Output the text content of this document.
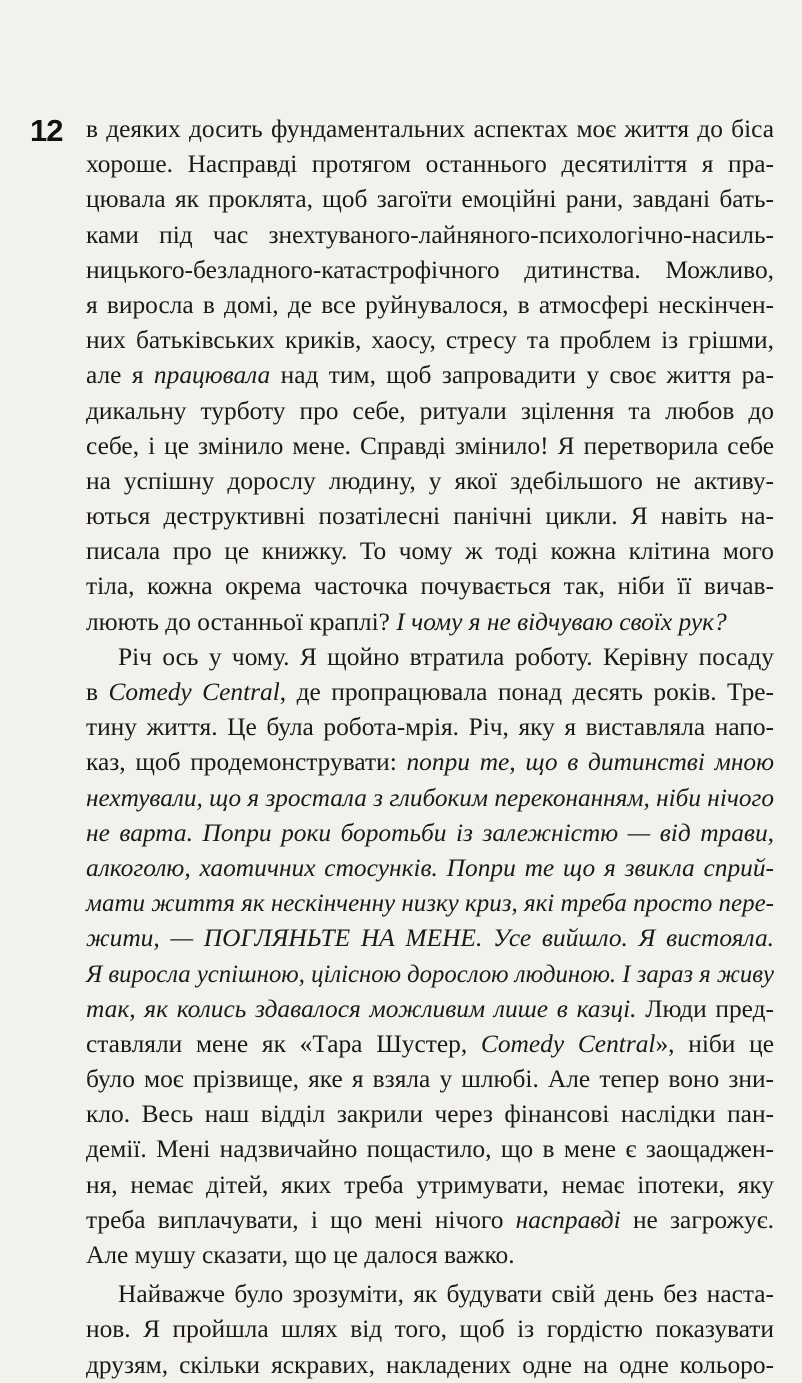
12 в деяких досить фундаментальних аспектах моє життя до біса
хороше. Насправді протягом останнього десятиліття я пра-
цювала як проклята, щоб загоїти емоційні рани, завдані бать-
ками під час знехтуваного-лайняного-психологічно-насиль-
ницького-безладного-катастрофічного дитинства. Можливо,
я виросла в домі, де все руйнувалося, в атмосфері нескінчен-
них батьківських криків, хаосу, стресу та проблем із грішми,
але я працювала над тим, щоб запровадити у своє життя ра-
дикальну турботу про себе, ритуали зцілення та любов до
себе, і це змінило мене. Справді змінило! Я перетворила себе
на успішну дорослу людину, у якої здебільшого не активу-
ються деструктивні позатілесні панічні цикли. Я навіть на-
писала про це книжку. То чому ж тоді кожна клітина мого
тіла, кожна окрема часточка почувається так, ніби її вичав-
люють до останньої краплі? І чому я не відчуваю своїх рук?
Річ ось у чому. Я щойно втратила роботу. Керівну посаду
в Comedy Central, де пропрацювала понад десять років. Тре-
тину життя. Це була робота-мрія. Річ, яку я виставляла напо-
каз, щоб продемонструвати: попри те, що в дитинстві мною
нехтували, що я зростала з глибоким переконанням, ніби нічого
не варта. Попри роки боротьби із залежністю — від трави,
алкоголю, хаотичних стосунків. Попри те що я звикла сприй-
мати життя як нескінченну низку криз, які треба просто пере-
жити, — ПОГЛЯНЬТЕ НА МЕНЕ. Усе вийшло. Я вистояла.
Я виросла успішною, цілісною дорослою людиною. І зараз я живу
так, як колись здавалося можливим лише в казці. Люди пред-
ставляли мене як «Тара Шустер, Comedy Central», ніби це
було моє прізвище, яке я взяла у шлюбі. Але тепер воно зни-
кло. Весь наш відділ закрили через фінансові наслідки пан-
демії. Мені надзвичайно пощастило, що в мене є заощаджен-
ня, немає дітей, яких треба утримувати, немає іпотеки, яку
треба виплачувати, і що мені нічого насправді не загрожує.
Але мушу сказати, що це далося важко.
Найважче було зрозуміти, як будувати свій день без наста-
нов. Я пройшла шлях від того, щоб із гордістю показувати
друзям, скільки яскравих, накладених одне на одне кольоро-
